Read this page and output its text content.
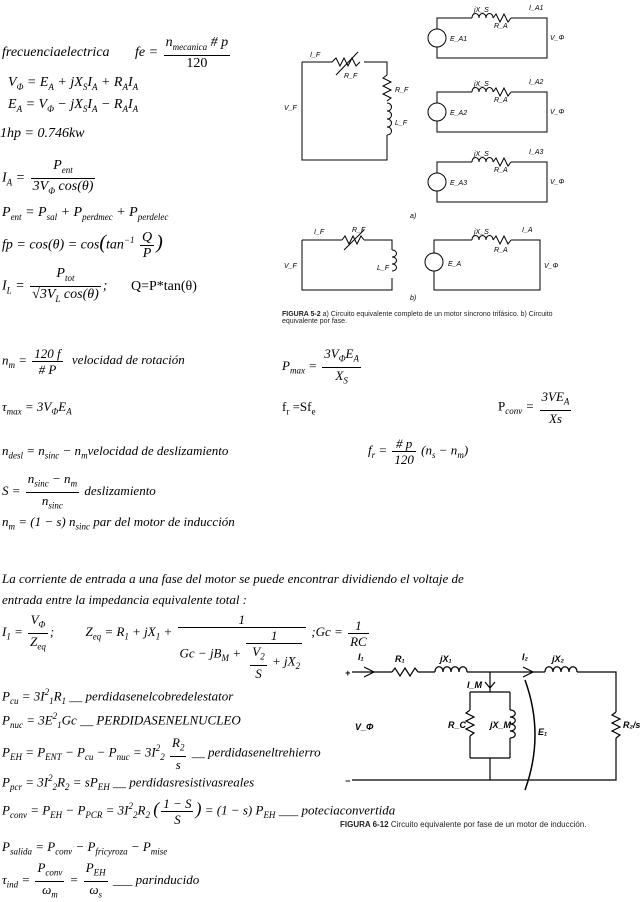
frecuenciaelectrica fe = $\frac{n_{mecanica} \# p}{120}$
$V_\Phi = E_A + jX_SI_A + R_AI_A$
$E_A = V_\Phi - jX_SI_A - R_AI_A$
1hp = 0.746kw
$I_A = \frac{P_{ent}}{3V_\Phi \cos(\theta)}$
$P_{ent} = P_{sal} + P_{perdmec} + P_{perdelec}$
fp = $\cos(\theta) = \cos(\tan^{-1} \frac{Q}{P}$ )
$I_L = \frac{P_{tot}}{√3V_L \cos(\theta)}$ ; Q=P*tan(θ)
I_F
R_F
V_F
R_F
L_F
jX_S
R_A
I_A1
E_A1	V_Φ
jX_S
R_A
I_A2
E_A2	V_Φ
jX_S
R_A
I_A3
E_A3	V_Φ
a)
I_F	R_F
V_F	L_F
E_A
jX_S
R_A
I_A
V_Φ
b)
FIGURA 5-2 a) Circuito equivalente completo de un motor síncrono trifásico. b) Circuito
equivalente por fase.
$n_m = \frac{120 f}{\# P}$ velocidad de rotación	$P_{max} = \frac{3V_\Phi E_A}{X_S}$
$\tau_{max} = 3V_\Phi E_A$	$f_r =Sf_e$	$P_{conv} = \frac{3VE_A}{Xs}$
$n_{desl} = n_{sinc}$ − $n_mvelocidad$ de deslizamiento	$f_r = \frac{\# p}{120} (n_s - n_m)$
$S = \frac{n_{sinc} - n_m}{n_{sinc}}$ deslizamiento
$n_m = (1 - s)$ $n_{sinc}$ par del motor de inducción
La corriente de entrada a una fase del motor se puede encontrar dividiendo el voltaje de
entrada entre la impedancia equivalente total :
$I_1 = \frac{V_\Phi}{Z_{eq}}$ ; $Z_{eq} = R_1 + jX_1 + \frac{1}{Gc - jB_M + \frac{1}{\frac{V_2}{S} + jX_2}}$ ;Gc = $\frac{1}{RC}$
$P_{cu} = 3I^2_1R_1$ __ perdidasenelcobredelestator
$P_{nuc} = 3E^2_1Gc$ __ PERDIDASENELNUCLEO
$P_{EH} = P_{ENT} - P_{cu} - P_{nuc} = 3I^2_2 \frac{R_2}{s}$ __ perdidaseneltrehierro
$P_{pcr} = 3I^2_2R_2 = sP_{EH}$ __ perdidasresistivasreales
$P_{conv} = P_{EH} - P_{PCR} = 3I^2_2R_2$ ( $\frac{1 - S}{S}$ ) = (1 − s) $P_{EH}$ ___ poteciaconvertida
$P_{salida} = P_{conv} - P_{fricyroza} - P_{mise}$
$\tau_{ind} = \frac{P_{conv}}{\omega_m} = \frac{P_{EH}}{\omega_s}$ ___ parinducido
+
−
I₁	R₁	jX₁	I₂	jX₂
I_M
R_C	jX_M
E₁
V_Φ	R₂/s
FIGURA 6-12 Circuito equivalente por fase de un motor de inducción.
